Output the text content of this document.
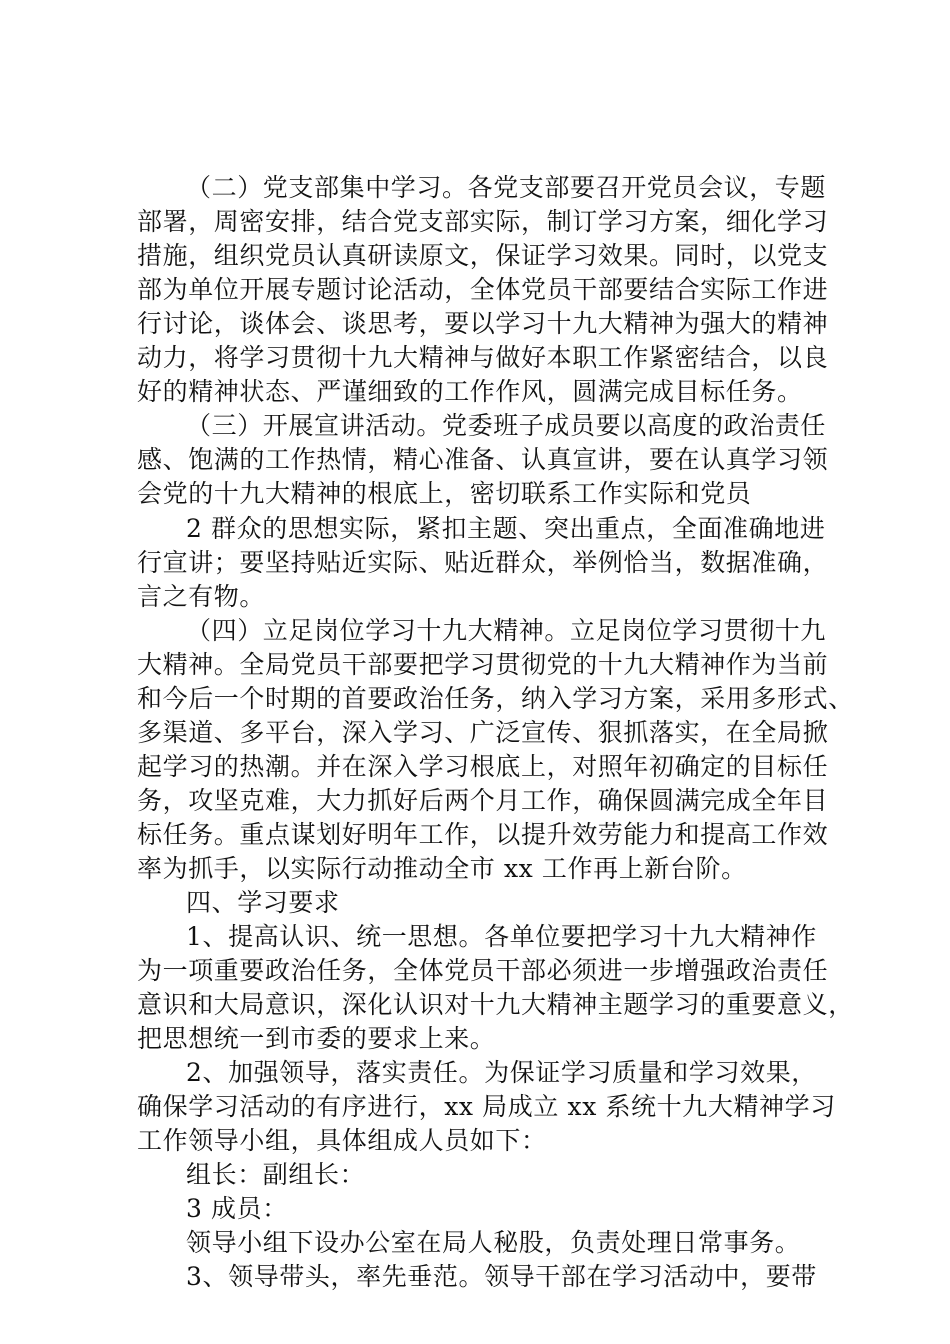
（二）党支部集中学习。各党支部要召开党员会议，专题
部署，周密安排，结合党支部实际，制订学习方案，细化学习
措施，组织党员认真研读原文，保证学习效果。同时，以党支
部为单位开展专题讨论活动，全体党员干部要结合实际工作进
行讨论，谈体会、谈思考，要以学习十九大精神为强大的精神
动力，将学习贯彻十九大精神与做好本职工作紧密结合，以良
好的精神状态、严谨细致的工作作风，圆满完成目标任务。
（三）开展宣讲活动。党委班子成员要以高度的政治责任
感、饱满的工作热情，精心准备、认真宣讲，要在认真学习领
会党的十九大精神的根底上，密切联系工作实际和党员
2 群众的思想实际，紧扣主题、突出重点，全面准确地进
行宣讲；要坚持贴近实际、贴近群众，举例恰当，数据准确，
言之有物。
（四）立足岗位学习十九大精神。立足岗位学习贯彻十九
大精神。全局党员干部要把学习贯彻党的十九大精神作为当前
和今后一个时期的首要政治任务，纳入学习方案，采用多形式、
多渠道、多平台，深入学习、广泛宣传、狠抓落实，在全局掀
起学习的热潮。并在深入学习根底上，对照年初确定的目标任
务，攻坚克难，大力抓好后两个月工作，确保圆满完成全年目
标任务。重点谋划好明年工作，以提升效劳能力和提高工作效
率为抓手，以实际行动推动全市 xx 工作再上新台阶。
四、学习要求
1、提高认识、统一思想。各单位要把学习十九大精神作
为一项重要政治任务，全体党员干部必须进一步增强政治责任
意识和大局意识，深化认识对十九大精神主题学习的重要意义，
把思想统一到市委的要求上来。
2、加强领导，落实责任。为保证学习质量和学习效果，
确保学习活动的有序进行，xx 局成立 xx 系统十九大精神学习
工作领导小组，具体组成人员如下：
组长：副组长：
3 成员：
领导小组下设办公室在局人秘股，负责处理日常事务。
3、领导带头，率先垂范。领导干部在学习活动中，要带
